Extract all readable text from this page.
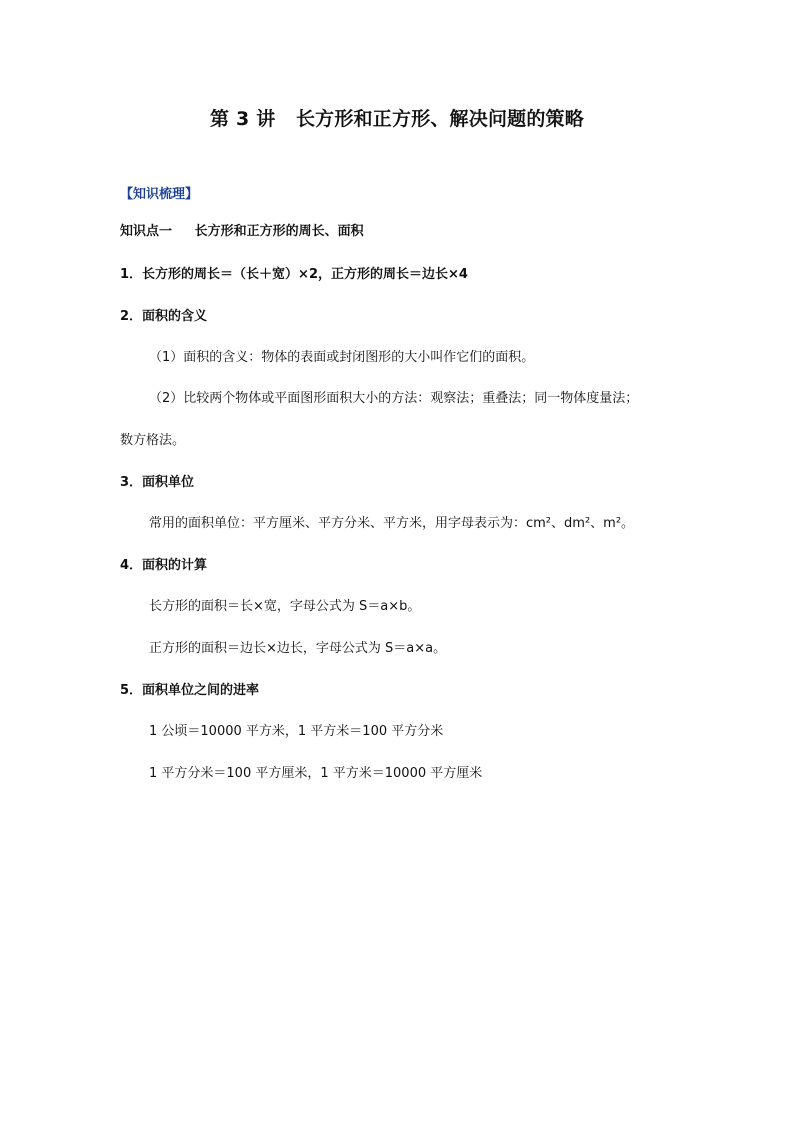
第 3 讲   长方形和正方形、解决问题的策略
【知识梳理】
知识点一     长方形和正方形的周长、面积
1．长方形的周长＝（长＋宽）×2，正方形的周长＝边长×4
2．面积的含义
（1）面积的含义：物体的表面或封闭图形的大小叫作它们的面积。
（2）比较两个物体或平面图形面积大小的方法：观察法；重叠法；同一物体度量法；
数方格法。
3．面积单位
常用的面积单位：平方厘米、平方分米、平方米，用字母表示为：cm²、dm²、m²。
4．面积的计算
长方形的面积＝长×宽，字母公式为 S＝a×b。
正方形的面积＝边长×边长，字母公式为 S＝a×a。
5．面积单位之间的进率
1 公顷＝10000 平方米，1 平方米＝100 平方分米
1 平方分米＝100 平方厘米，1 平方米＝10000 平方厘米
